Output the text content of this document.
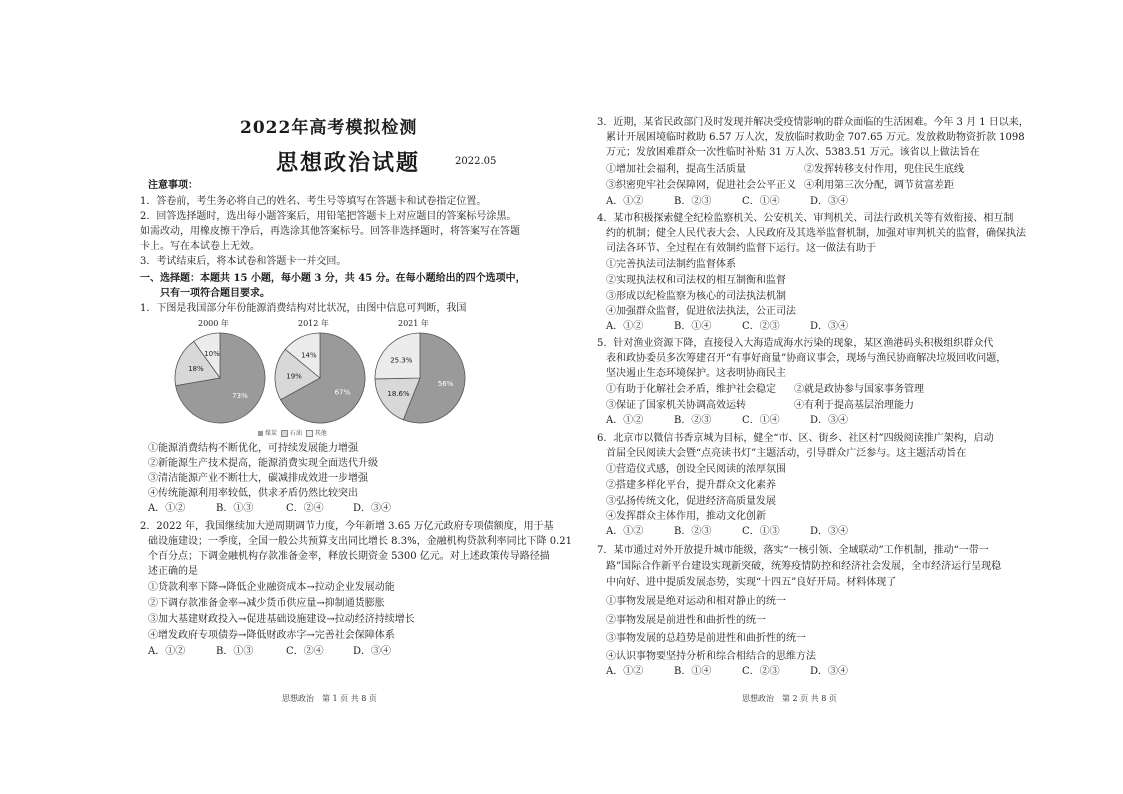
2022年高考模拟检测
思想政治试题	2022.05
注意事项：
1．答卷前，考生务必将自己的姓名、考生号等填写在答题卡和试卷指定位置。
2．回答选择题时，选出每小题答案后，用铅笔把答题卡上对应题目的答案标号涂黑。
如需改动，用橡皮擦干净后，再选涂其他答案标号。回答非选择题时，将答案写在答题
卡上。写在本试卷上无效。
3．考试结束后，将本试卷和答题卡一并交回。
一、选择题：本题共 15 小题，每小题 3 分，共 45 分。在每小题给出的四个选项中，
只有一项符合题目要求。
1．下图是我国部分年份能源消费结构对比状况，由图中信息可判断，我国
73%
18%
10%
67%
19%
14%
56%
18.6%
25.3%
2000 年	2012 年	2021 年
煤炭 石油 其他
①能源消费结构不断优化，可持续发展能力增强
②新能源生产技术提高，能源消费实现全面迭代升级
③清洁能源产业不断壮大，碳减排成效进一步增强
④传统能源利用率较低，供求矛盾仍然比较突出
A．①②	B．①③	C．②④	D．③④
2．2022 年，我国继续加大逆周期调节力度，今年新增 3.65 万亿元政府专项债额度，用于基
础设施建设；一季度，全国一般公共预算支出同比增长 8.3%，金融机构贷款利率同比下降 0.21
个百分点；下调金融机构存款准备金率，释放长期资金 5300 亿元。对上述政策传导路径描
述正确的是
①贷款利率下降→降低企业融资成本→拉动企业发展动能
②下调存款准备金率→减少货币供应量→抑制通货膨胀
③加大基建财政投入→促进基础设施建设→拉动经济持续增长
④增发政府专项债券→降低财政赤字→完善社会保障体系
A．①②	B．①③	C．②④	D．③④
思想政治　第 1 页 共 8 页
3．近期，某省民政部门及时发现并解决受疫情影响的群众面临的生活困难。今年 3 月 1 日以来，
累计开展困境临时救助 6.57 万人次，发放临时救助金 707.65 万元。发放救助物资折款 1098
万元；发放困难群众一次性临时补贴 31 万人次、5383.51 万元。该省以上做法旨在
①增加社会福利，提高生活质量	②发挥转移支付作用，兜住民生底线
③织密兜牢社会保障网，促进社会公平正义 ④利用第三次分配，调节贫富差距
A．①②	B．②③	C．①④	D．③④
4．某市积极探索健全纪检监察机关、公安机关、审判机关、司法行政机关等有效衔接、相互制
约的机制；健全人民代表大会、人民政府及其选举监督机制，加强对审判机关的监督，确保执法
司法各环节、全过程在有效制约监督下运行。这一做法有助于
①完善执法司法制约监督体系
②实现执法权和司法权的相互制衡和监督
③形成以纪检监察为核心的司法执法机制
④加强群众监督，促进依法执法，公正司法
A．①②	B．①④	C．②③	D．③④
5．针对渔业资源下降，直接侵入大海造成海水污染的现象，某区渔港码头积极组织群众代
表和政协委员多次筹建召开“有事好商量”协商议事会，现场与渔民协商解决垃圾回收问题，
坚决遏止生态环境保护。这表明协商民主
①有助于化解社会矛盾，维护社会稳定 ②就是政协参与国家事务管理
③保证了国家机关协调高效运转	④有利于提高基层治理能力
A．①②	B．②③	C．①④	D．③④
6．北京市以微信书香京城为目标，健全“市、区、街乡、社区村”四级阅读推广架构，启动
首届全民阅读大会暨“点亮读书灯”主题活动，引导群众广泛参与。这主题活动旨在
①营造仪式感，创设全民阅读的浓厚氛围
②搭建多样化平台，提升群众文化素养
③弘扬传统文化，促进经济高质量发展
④发挥群众主体作用，推动文化创新
A．①②	B．②③	C．①③	D．③④
7．某市通过对外开放提升城市能级，落实“一核引领、全域联动”工作机制，推动“一带一
路”国际合作新平台建设实现新突破，统筹疫情防控和经济社会发展，全市经济运行呈现稳
中向好、进中提质发展态势，实现“十四五”良好开局。材料体现了
①事物发展是绝对运动和相对静止的统一
②事物发展是前进性和曲折性的统一
③事物发展的总趋势是前进性和曲折性的统一
④认识事物要坚持分析和综合相结合的思维方法
A．①②	B．①④	C．②③	D．③④
思想政治　第 2 页 共 8 页
